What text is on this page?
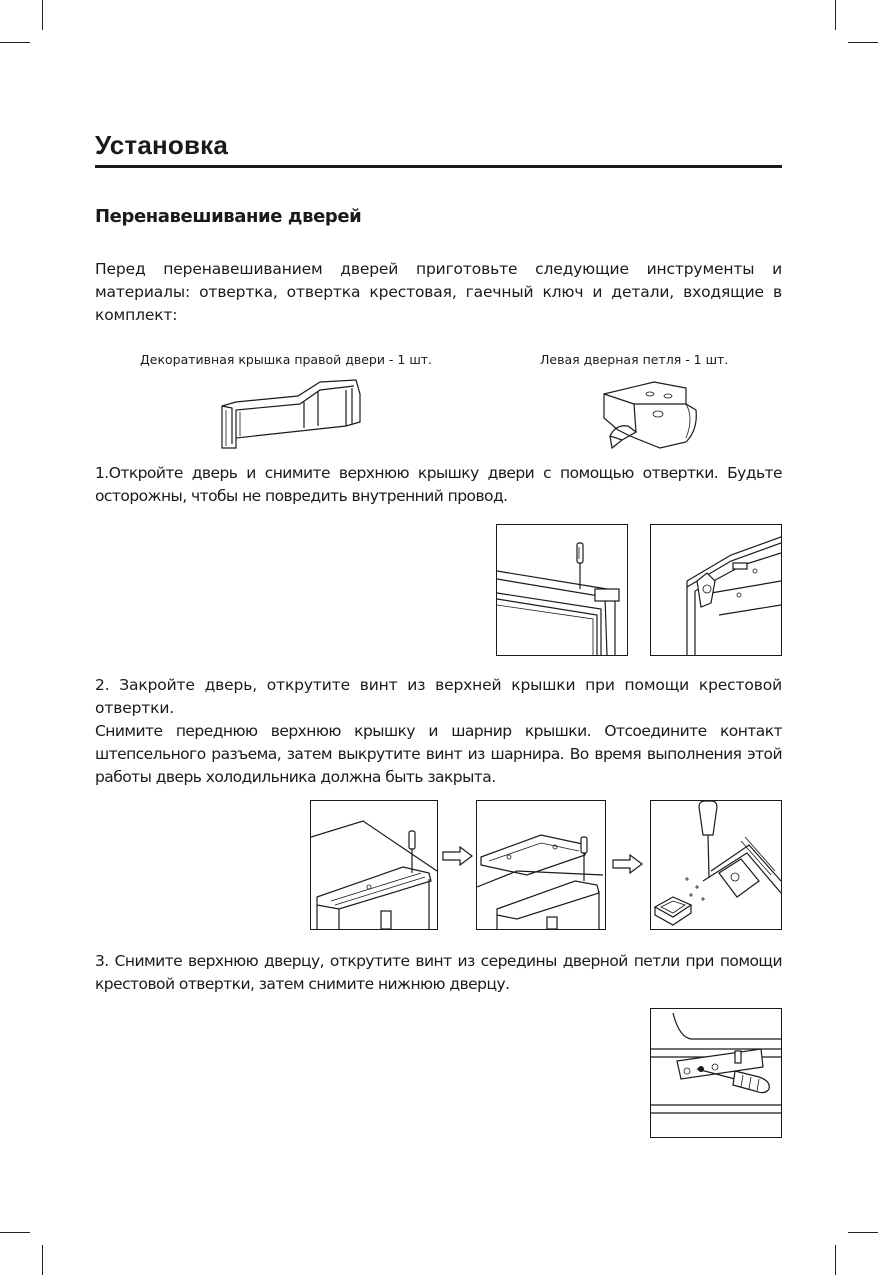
Установка
Перенавешивание дверей

Перед перенавешиванием дверей приготовьте следующие инструменты и материалы: отвертка, отвертка крестовая, гаечный ключ и детали, входящие в комплект:

Декоративная крышка правой двери - 1 шт.	Левая дверная петля - 1 шт.

1.Откройте дверь и снимите верхнюю крышку двери с помощью отвертки. Будьте осторожны, чтобы не повредить внутренний провод.

2. Закройте дверь, открутите винт из верхней крышки при помощи крестовой отвертки.

Снимите переднюю верхнюю крышку и шарнир крышки. Отсоедините контакт штепсельного разъема, затем выкрутите винт из шарнира. Во время выполнения этой работы дверь холодильника должна быть закрыта.

3. Снимите верхнюю дверцу, открутите винт из середины дверной петли при помощи крестовой отвертки, затем снимите нижнюю дверцу.
